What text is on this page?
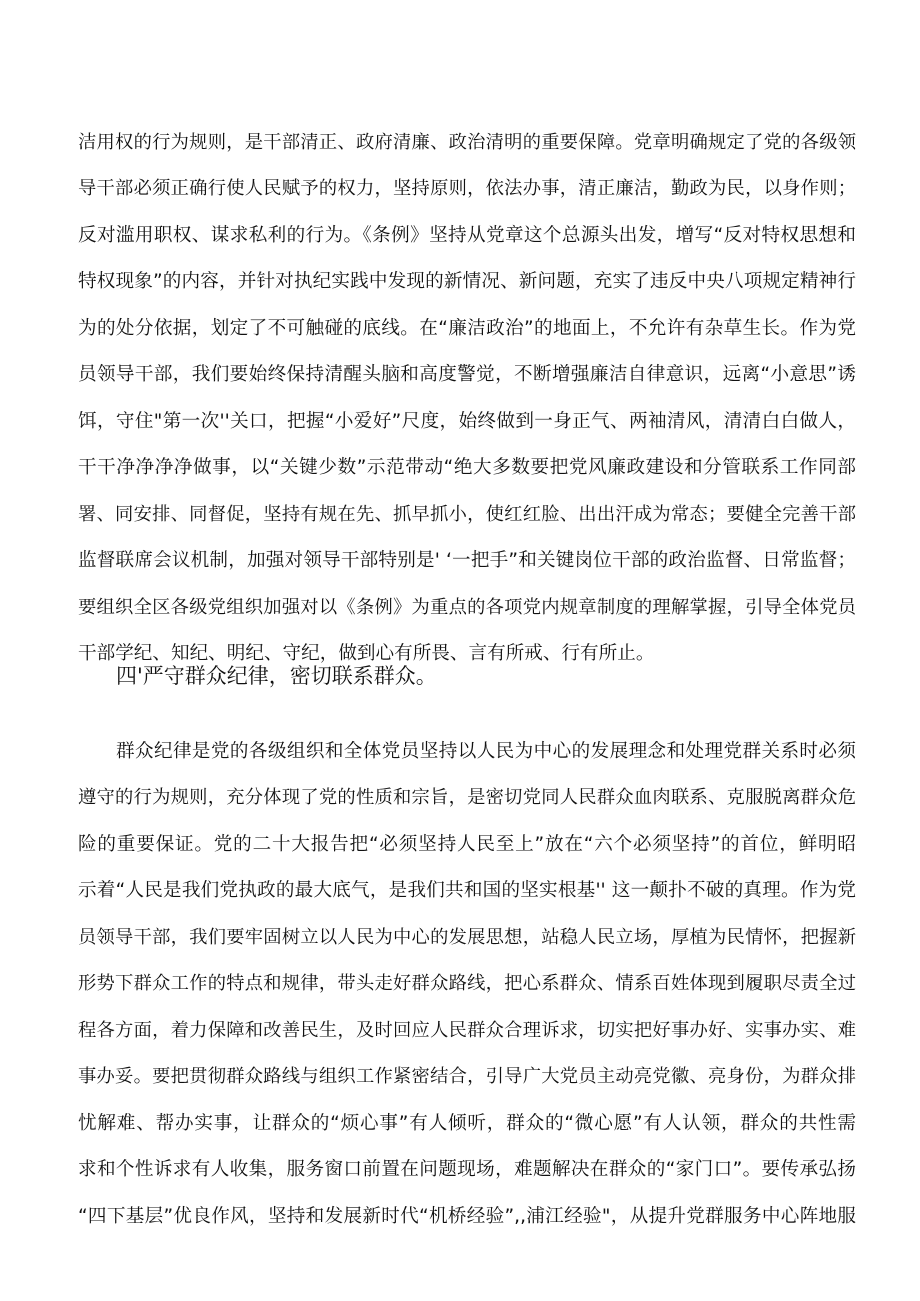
洁用权的行为规则，是干部清正、政府清廉、政治清明的重要保障。党章明确规定了党的各级领
导干部必须正确行使人民赋予的权力，坚持原则，依法办事，清正廉洁，勤政为民，以身作则；
反对滥用职权、谋求私利的行为。《条例》坚持从党章这个总源头出发，增写“反对特权思想和
特权现象”的内容，并针对执纪实践中发现的新情况、新问题，充实了违反中央八项规定精神行
为的处分依据，划定了不可触碰的底线。在“廉洁政治”的地面上，不允许有杂草生长。作为党
员领导干部，我们要始终保持清醒头脑和高度警觉，不断增强廉洁自律意识，远离“小意思”诱
饵，守住"第一次''关口，把握“小爱好”尺度，始终做到一身正气、两袖清风，清清白白做人，
干干净净净净做事，以“关键少数”示范带动“绝大多数要把党风廉政建设和分管联系工作同部
署、同安排、同督促，坚持有规在先、抓早抓小，使红红脸、出出汗成为常态；要健全完善干部
监督联席会议机制，加强对领导干部特别是' ‘一把手”和关键岗位干部的政治监督、日常监督；
要组织全区各级党组织加强对以《条例》为重点的各项党内规章制度的理解掌握，引导全体党员
干部学纪、知纪、明纪、守纪，做到心有所畏、言有所戒、行有所止。
四'严守群众纪律，密切联系群众。
群众纪律是党的各级组织和全体党员坚持以人民为中心的发展理念和处理党群关系时必须
遵守的行为规则，充分体现了党的性质和宗旨，是密切党同人民群众血肉联系、克服脱离群众危
险的重要保证。党的二十大报告把“必须坚持人民至上”放在“六个必须坚持”的首位，鲜明昭
示着“人民是我们党执政的最大底气，是我们共和国的坚实根基'' 这一颠扑不破的真理。作为党
员领导干部，我们要牢固树立以人民为中心的发展思想，站稳人民立场，厚植为民情怀，把握新
形势下群众工作的特点和规律，带头走好群众路线，把心系群众、情系百姓体现到履职尽责全过
程各方面，着力保障和改善民生，及时回应人民群众合理诉求，切实把好事办好、实事办实、难
事办妥。要把贯彻群众路线与组织工作紧密结合，引导广大党员主动亮党徽、亮身份，为群众排
忧解难、帮办实事，让群众的“烦心事”有人倾听，群众的“微心愿”有人认领，群众的共性需
求和个性诉求有人收集，服务窗口前置在问题现场，难题解决在群众的“家门口”。要传承弘扬
“四下基层”优良作风，坚持和发展新时代“机桥经验”,,浦江经验"，从提升党群服务中心阵地服
